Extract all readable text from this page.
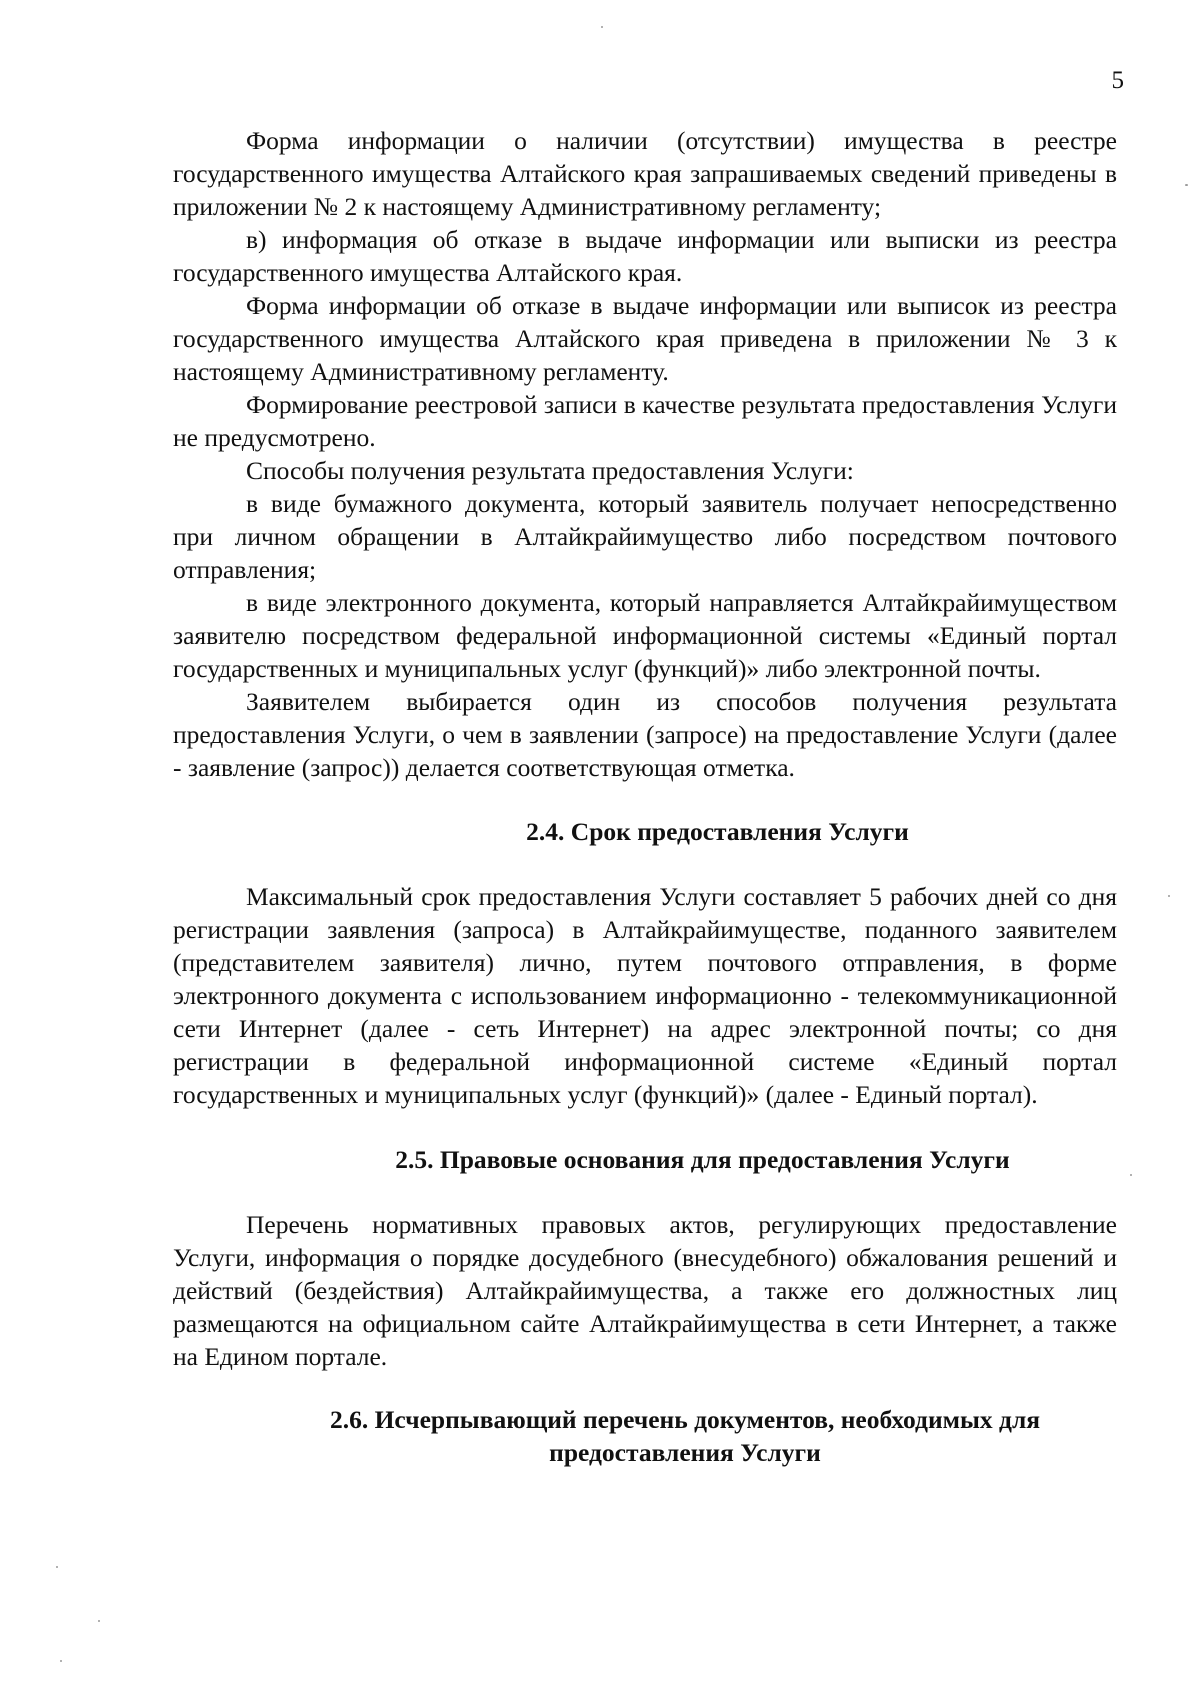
5

Форма информации о наличии (отсутствии) имущества в реестре государственного имущества Алтайского края запрашиваемых сведений приведены в приложении № 2 к настоящему Административному регламенту;

в) информация об отказе в выдаче информации или выписки из реестра государственного имущества Алтайского края.

Форма информации об отказе в выдаче информации или выписок из реестра государственного имущества Алтайского края приведена в приложении № 3 к настоящему Административному регламенту.

Формирование реестровой записи в качестве результата предоставления Услуги не предусмотрено.

Способы получения результата предоставления Услуги:

в виде бумажного документа, который заявитель получает непосредственно при личном обращении в Алтайкрайимущество либо посредством почтового отправления;

в виде электронного документа, который направляется Алтайкрайимуществом заявителю посредством федеральной информационной системы «Единый портал государственных и муниципальных услуг (функций)» либо электронной почты.

Заявителем выбирается один из способов получения результата предоставления Услуги, о чем в заявлении (запросе) на предоставление Услуги (далее - заявление (запрос)) делается соответствующая отметка.

2.4. Срок предоставления Услуги

Максимальный срок предоставления Услуги составляет 5 рабочих дней со дня регистрации заявления (запроса) в Алтайкрайимуществе, поданного заявителем (представителем заявителя) лично, путем почтового отправления, в форме электронного документа с использованием информационно - телекоммуникационной сети Интернет (далее - сеть Интернет) на адрес электронной почты; со дня регистрации в федеральной информационной системе «Единый портал государственных и муниципальных услуг (функций)» (далее - Единый портал).

2.5. Правовые основания для предоставления Услуги

Перечень нормативных правовых актов, регулирующих предоставление Услуги, информация о порядке досудебного (внесудебного) обжалования решений и действий (бездействия) Алтайкрайимущества, а также его должностных лиц размещаются на официальном сайте Алтайкрайимущества в сети Интернет, а также на Едином портале.

2.6. Исчерпывающий перечень документов, необходимых для
предоставления Услуги
